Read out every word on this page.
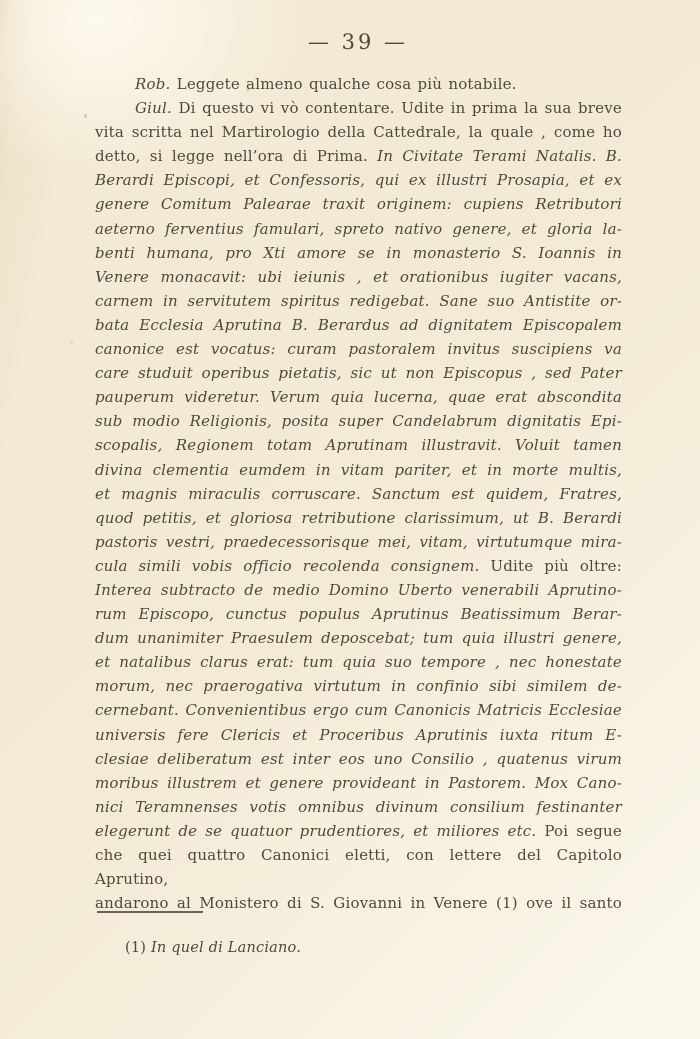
— 39 —
Rob. Leggete almeno qualche cosa più notabile.
Giul. Di questo vi vò contentare. Udite in prima la sua breve
vita scritta nel Martirologio della Cattedrale, la quale , come ho
detto, si legge nell’ora di Prima. In Civitate Terami Natalis. B.
Berardi Episcopi, et Confessoris, qui ex illustri Prosapia, et ex
genere Comitum Palearae traxit originem: cupiens Retributori
aeterno ferventius famulari, spreto nativo genere, et gloria la-
benti humana, pro Xti amore se in monasterio S. Ioannis in
Venere monacavit: ubi ieiunis , et orationibus iugiter vacans,
carnem in servitutem spiritus redigebat. Sane suo Antistite or-
bata Ecclesia Aprutina B. Berardus ad dignitatem Episcopalem
canonice est vocatus: curam pastoralem invitus suscipiens va
care studuit operibus pietatis, sic ut non Episcopus , sed Pater
pauperum videretur. Verum quia lucerna, quae erat abscondita
sub modio Religionis, posita super Candelabrum dignitatis Epi-
scopalis, Regionem totam Aprutinam illustravit. Voluit tamen
divina clementia eumdem in vitam pariter, et in morte multis,
et magnis miraculis corruscare. Sanctum est quidem, Fratres,
quod petitis, et gloriosa retributione clarissimum, ut B. Berardi
pastoris vestri, praedecessorisque mei, vitam, virtutumque mira-
cula simili vobis officio recolenda consignem. Udite più oltre:
Interea subtracto de medio Domino Uberto venerabili Aprutino-
rum Episcopo, cunctus populus Aprutinus Beatissimum Berar-
dum unanimiter Praesulem deposcebat; tum quia illustri genere,
et natalibus clarus erat: tum quia suo tempore , nec honestate
morum, nec praerogativa virtutum in confinio sibi similem de-
cernebant. Convenientibus ergo cum Canonicis Matricis Ecclesiae
universis fere Clericis et Proceribus Aprutinis iuxta ritum E-
clesiae deliberatum est inter eos uno Consilio , quatenus virum
moribus illustrem et genere provideant in Pastorem. Mox Cano-
nici Teramnenses votis omnibus divinum consilium festinanter
elegerunt de se quatuor prudentiores, et miliores etc. Poi segue
che quei quattro Canonici eletti, con lettere del Capitolo Aprutino,
andarono al Monistero di S. Giovanni in Venere (1) ove il santo
(1) In quel di Lanciano.
